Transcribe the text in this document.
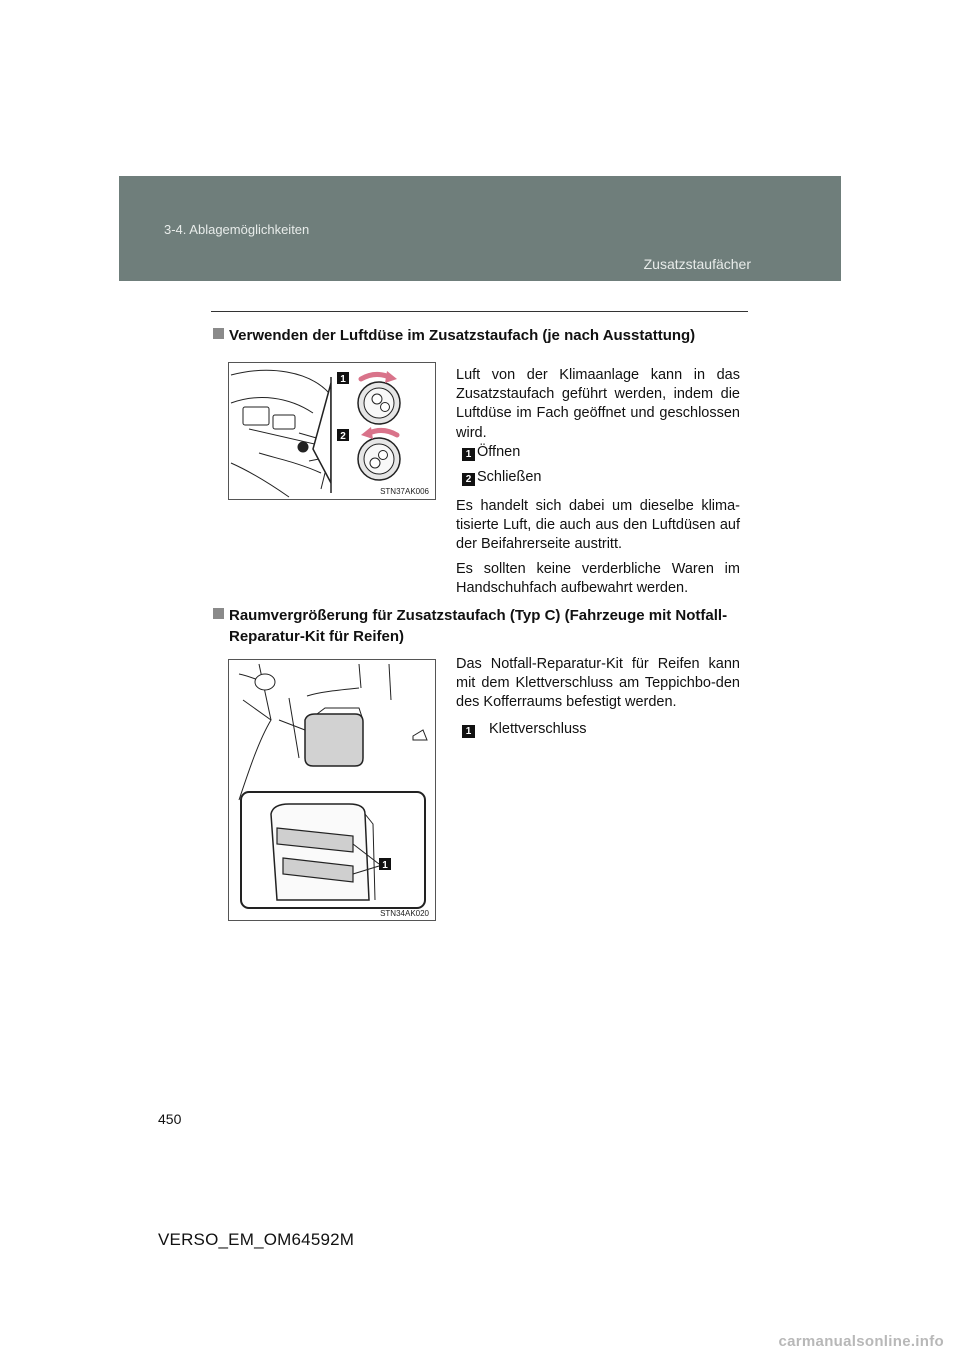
3-4. Ablagemöglichkeiten
Zusatzstaufächer
Verwenden der Luftdüse im Zusatzstaufach (je nach Ausstattung)
1
2
STN37AK006
Luft von der Klimaanlage kann in das Zusatzstaufach geführt werden, indem die Luftdüse im Fach geöffnet und geschlossen wird.
1 Öffnen
2 Schließen
Es handelt sich dabei um dieselbe klima-tisierte Luft, die auch aus den Luftdüsen auf der Beifahrerseite austritt.
Es sollten keine verderbliche Waren im Handschuhfach aufbewahrt werden.
Raumvergrößerung für Zusatzstaufach (Typ C) (Fahrzeuge mit Notfall-
Reparatur-Kit für Reifen)
1
STN34AK020
Das Notfall-Reparatur-Kit für Reifen kann mit dem Klettverschluss am Teppichbo-den des Kofferraums befestigt werden.
1 Klettverschluss
450
VERSO_EM_OM64592M
carmanualsonline.info
